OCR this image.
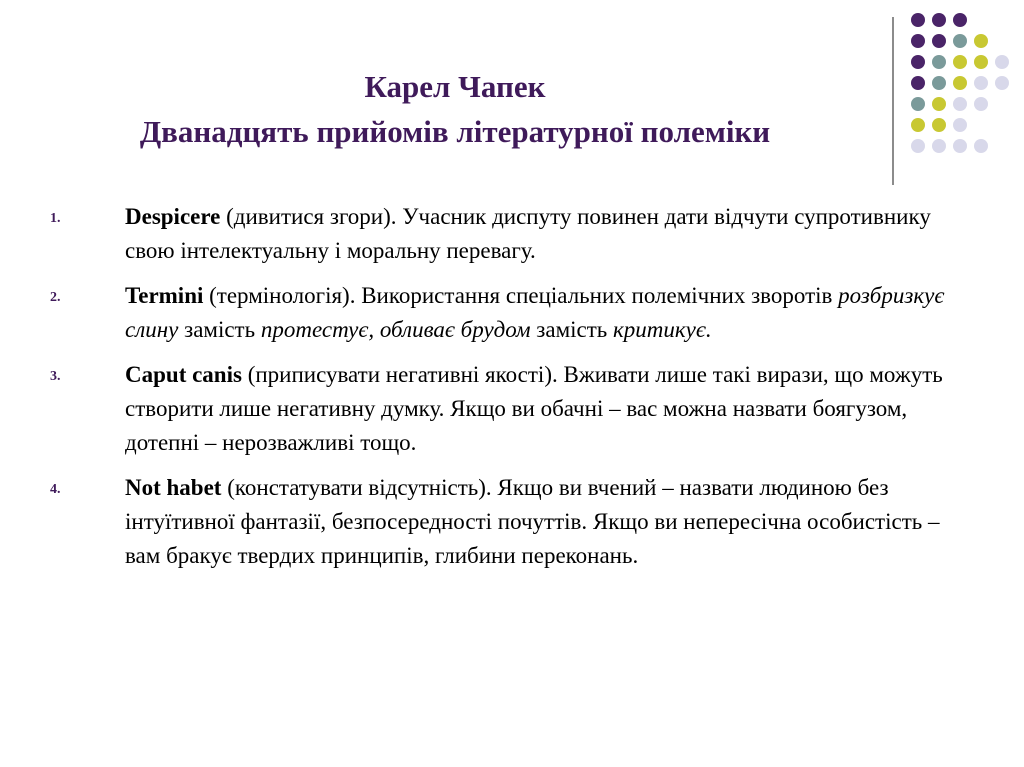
Карел Чапек
Дванадцять прийомів літературної полеміки
1.	Despicere (дивитися згори). Учасник диспуту повинен дати відчути супротивнику свою інтелектуальну і моральну перевагу.
2.	Termini (термінологія). Використання спеціальних полемічних зворотів розбризкує слину замість протестує, обливає брудом замість критикує.
3.	Caput canis (приписувати негативні якості). Вживати лише такі вирази, що можуть створити лише негативну думку. Якщо ви обачні – вас можна назвати боягузом, дотепні – нерозважливі тощо.
4.	Not habet (констатувати відсутність). Якщо ви вчений – назвати людиною без інтуїтивної фантазії, безпосередності почуттів. Якщо ви непересічна особистість – вам бракує твердих принципів, глибини переконань.
